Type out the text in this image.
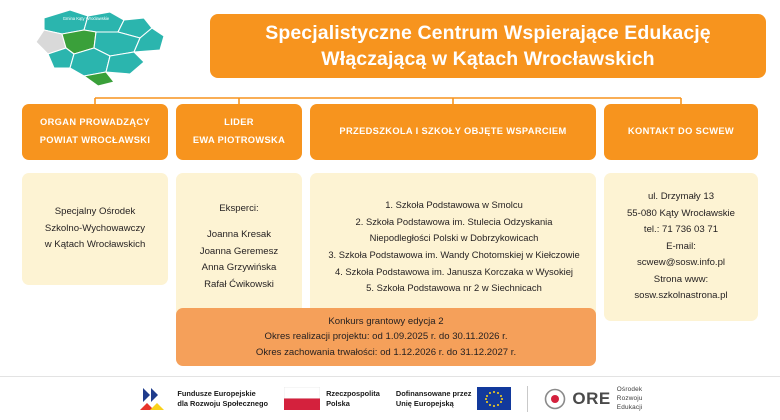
Gmina Kąty Wrocławskie
Specjalistyczne Centrum Wspierające Edukację
Włączającą w Kątach Wrocławskich
ORGAN PROWADZĄCY
POWIAT WROCŁAWSKI
Specjalny Ośrodek
Szkolno-Wychowawczy
w Kątach Wrocławskich
LIDER
EWA PIOTROWSKA
Eksperci:
Joanna Kresak
Joanna Geremesz
Anna Grzywińska
Rafał Ćwikowski
PRZEDSZKOLA I SZKOŁY OBJĘTE WSPARCIEM
Szkoła Podstawowa w Smolcu
Szkoła Podstawowa im. Stulecia Odzyskania Niepodległości Polski w Dobrzykowicach
Szkoła Podstawowa im. Wandy Chotomskiej w Kiełczowie
Szkoła Podstawowa im. Janusza Korczaka w Wysokiej
Szkoła Podstawowa nr 2 w Siechnicach
KONTAKT DO SCWEW
ul. Drzymały 13
55-080 Kąty Wrocławskie
tel.: 71 736 03 71
E-mail:
scwew@sosw.info.pl
Strona www:
sosw.szkolnastrona.pl
Konkurs grantowy edycja 2
Okres realizacji projektu: od 1.09.2025 r. do 30.11.2026 r.
Okres zachowania trwałości: od 1.12.2026 r. do 31.12.2027 r.
Fundusze Europejskie
dla Rozwoju Społecznego
Rzeczpospolita
Polska
Dofinansowane przez
Unię Europejską	ORE Ośrodek
Rozwoju
Edukacji
